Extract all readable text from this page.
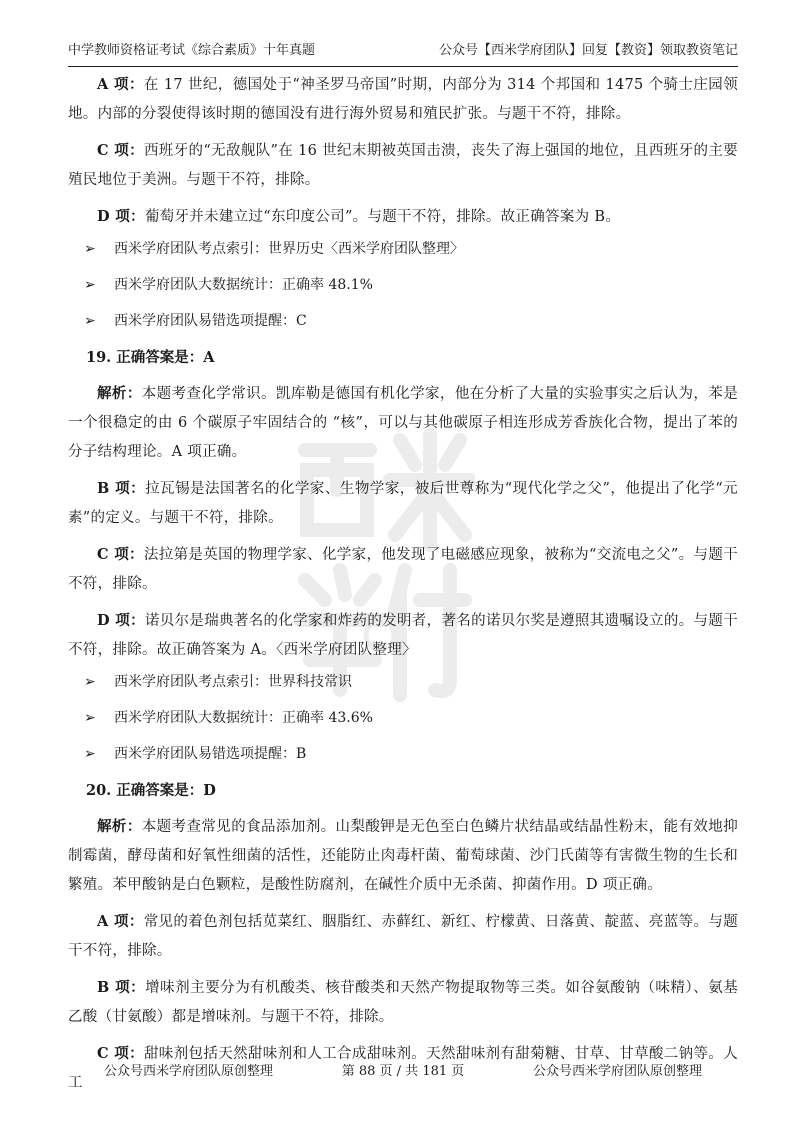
中学教师资格证考试《综合素质》十年真题	公众号【西米学府团队】回复【教资】领取教资笔记

A 项：在 17 世纪，德国处于“神圣罗马帝国”时期，内部分为 314 个邦国和 1475 个骑士庄园领地。内部的分裂使得该时期的德国没有进行海外贸易和殖民扩张。与题干不符，排除。

C 项：西班牙的“无敌舰队”在 16 世纪末期被英国击溃，丧失了海上强国的地位，且西班牙的主要殖民地位于美洲。与题干不符，排除。

D 项：葡萄牙并未建立过“东印度公司”。与题干不符，排除。故正确答案为 B。

➢	西米学府团队考点索引：世界历史〈西米学府团队整理〉
➢	西米学府团队大数据统计：正确率 48.1%
➢	西米学府团队易错选项提醒：C
19. 正确答案是：A

解析：本题考查化学常识。凯库勒是德国有机化学家，他在分析了大量的实验事实之后认为，苯是一个很稳定的由 6 个碳原子牢固结合的 “核”，可以与其他碳原子相连形成芳香族化合物，提出了苯的分子结构理论。A 项正确。

B 项：拉瓦锡是法国著名的化学家、生物学家，被后世尊称为“现代化学之父”，他提出了化学“元素”的定义。与题干不符，排除。

C 项：法拉第是英国的物理学家、化学家，他发现了电磁感应现象，被称为“交流电之父”。与题干不符，排除。

D 项：诺贝尔是瑞典著名的化学家和炸药的发明者，著名的诺贝尔奖是遵照其遗嘱设立的。与题干不符，排除。故正确答案为 A。〈西米学府团队整理〉

➢	西米学府团队考点索引：世界科技常识
➢	西米学府团队大数据统计：正确率 43.6%
➢	西米学府团队易错选项提醒：B
20. 正确答案是：D

解析：本题考查常见的食品添加剂。山梨酸钾是无色至白色鳞片状结晶或结晶性粉末，能有效地抑制霉菌，酵母菌和好氧性细菌的活性，还能防止肉毒杆菌、葡萄球菌、沙门氏菌等有害微生物的生长和繁殖。苯甲酸钠是白色颗粒，是酸性防腐剂，在碱性介质中无杀菌、抑菌作用。D 项正确。

A 项：常见的着色剂包括苋菜红、胭脂红、赤藓红、新红、柠檬黄、日落黄、靛蓝、亮蓝等。与题干不符，排除。

B 项：增味剂主要分为有机酸类、核苷酸类和天然产物提取物等三类。如谷氨酸钠（味精）、氨基乙酸（甘氨酸）都是增味剂。与题干不符，排除。

C 项：甜味剂包括天然甜味剂和人工合成甜味剂。天然甜味剂有甜菊糖、甘草、甘草酸二钠等。人工

公众号西米学府团队原创整理	第 88 页 / 共 181 页	公众号西米学府团队原创整理
